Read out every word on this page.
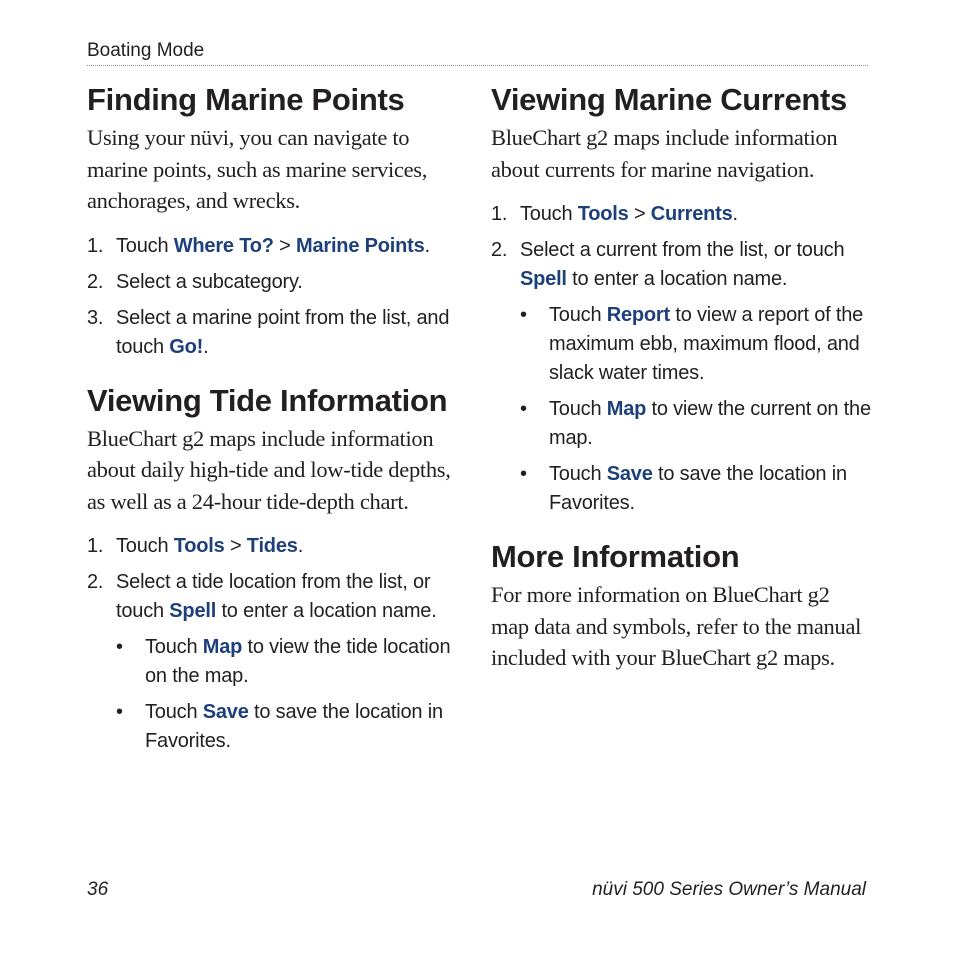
Boating Mode
Finding Marine Points

Using your nüvi, you can navigate to marine points, such as marine services, anchorages, and wrecks.

1. Touch Where To? > Marine Points.
2. Select a subcategory.
3. Select a marine point from the list, and touch Go!.
Viewing Tide Information

BlueChart g2 maps include information about daily high-tide and low-tide depths, as well as a 24-hour tide-depth chart.

1. Touch Tools > Tides.
2. Select a tide location from the list, or touch Spell to enter a location name.
• Touch Map to view the tide location on the map.
• Touch Save to save the location in Favorites.
Viewing Marine Currents

BlueChart g2 maps include information about currents for marine navigation.

1. Touch Tools > Currents.
2. Select a current from the list, or touch Spell to enter a location name.
• Touch Report to view a report of the maximum ebb, maximum flood, and slack water times.
• Touch Map to view the current on the map.
• Touch Save to save the location in Favorites.
More Information

For more information on BlueChart g2 map data and symbols, refer to the manual included with your BlueChart g2 maps.

36	nüvi 500 Series Owner’s Manual
